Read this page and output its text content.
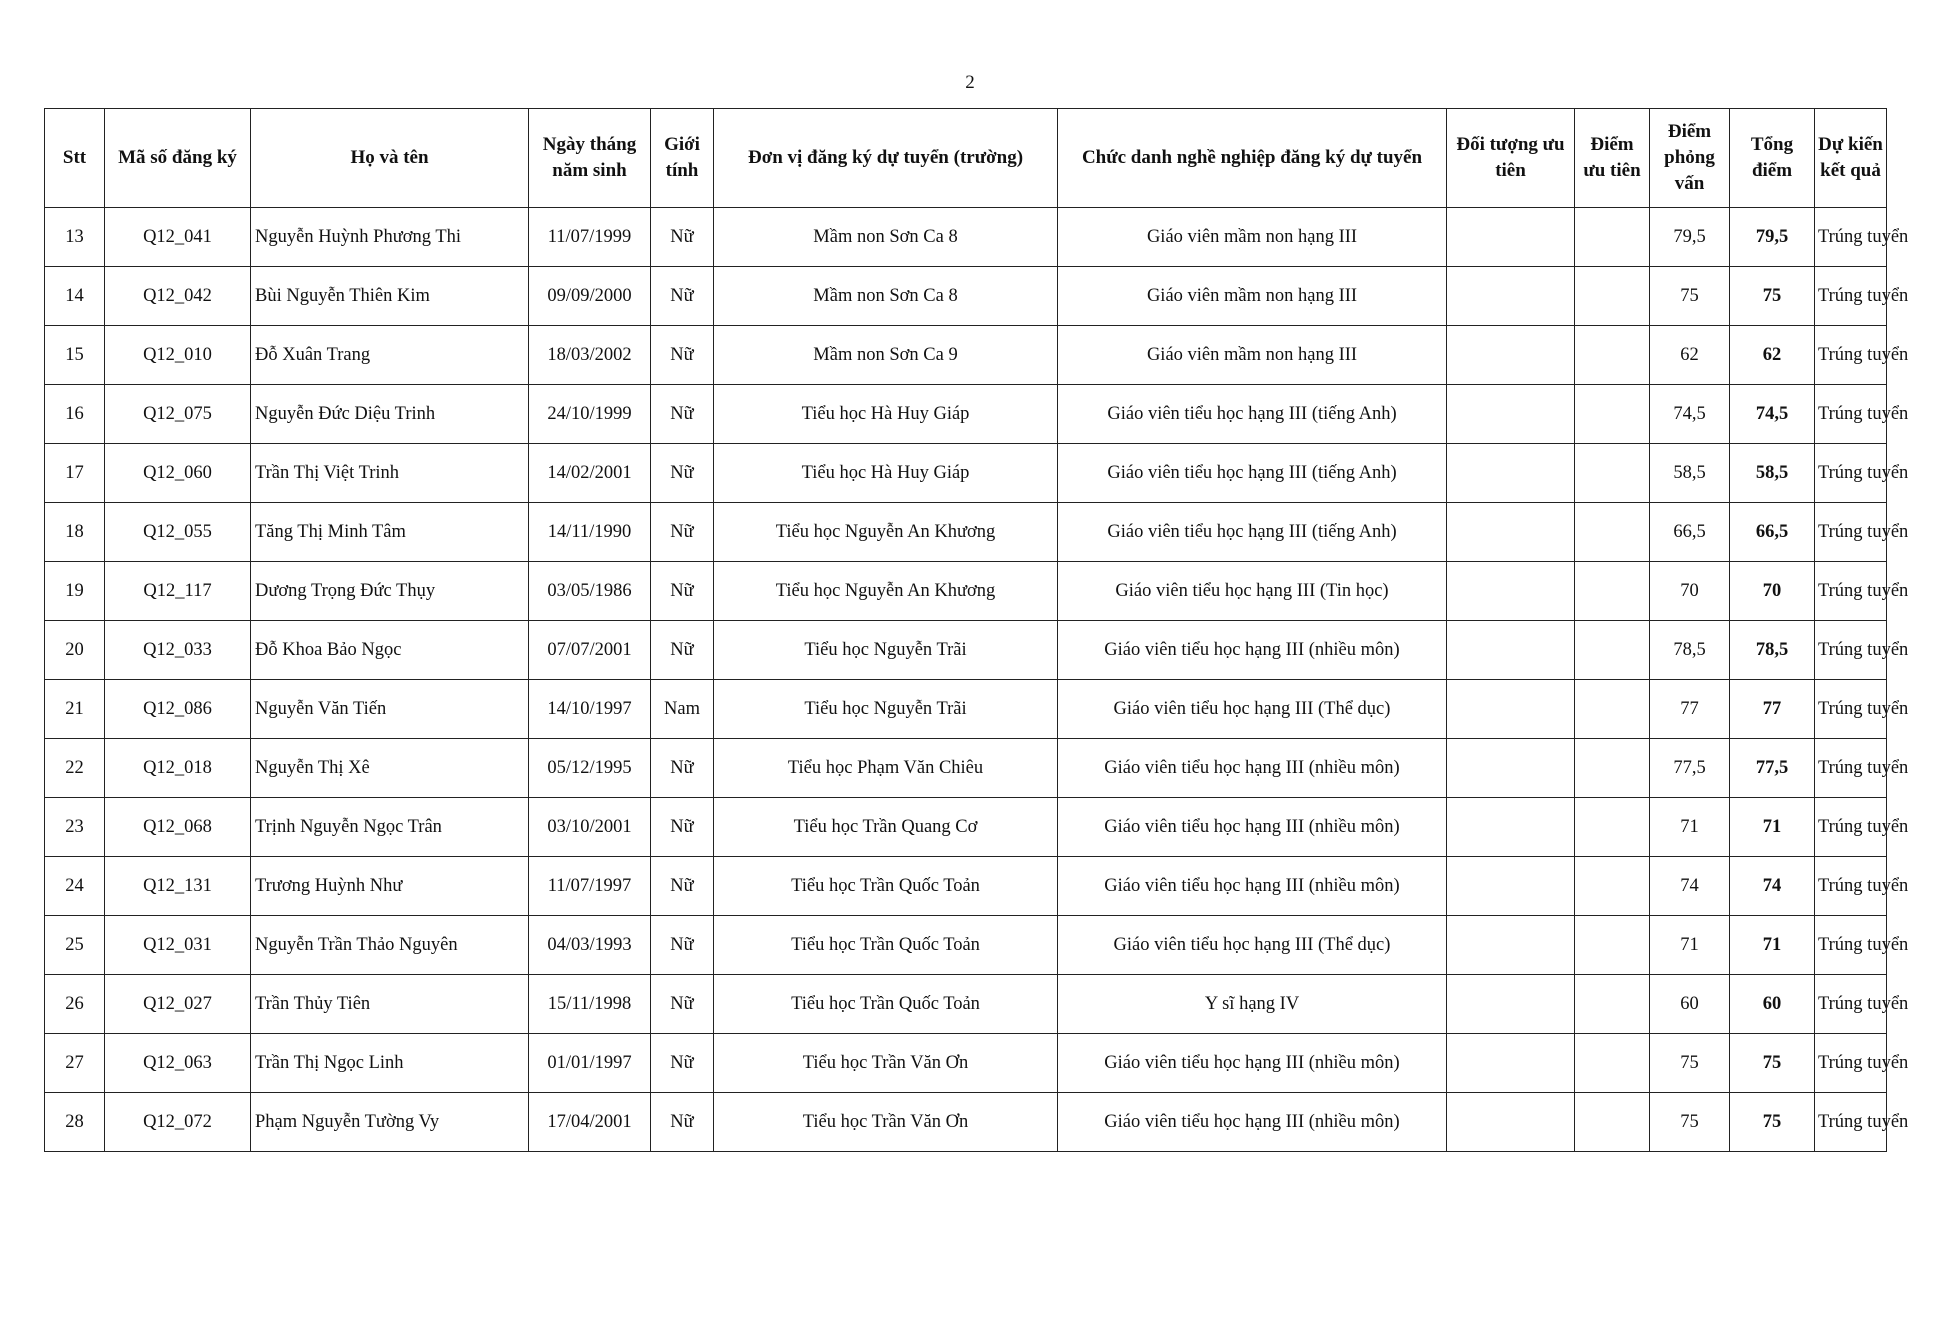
2
Stt	Mã số đăng ký	Họ và tên	Ngày tháng năm sinh	Giới tính	Đơn vị đăng ký dự tuyển (trường)	Chức danh nghề nghiệp đăng ký dự tuyển	Đối tượng ưu tiên	Điểm ưu tiên	Điểm phỏng vấn	Tổng điểm	Dự kiến kết quả
13	Q12_041	Nguyễn Huỳnh Phương Thi	11/07/1999	Nữ	Mầm non Sơn Ca 8	Giáo viên mầm non hạng III			79,5	79,5	Trúng tuyển
14	Q12_042	Bùi Nguyễn Thiên Kim	09/09/2000	Nữ	Mầm non Sơn Ca 8	Giáo viên mầm non hạng III			75	75	Trúng tuyển
15	Q12_010	Đỗ Xuân Trang	18/03/2002	Nữ	Mầm non Sơn Ca 9	Giáo viên mầm non hạng III			62	62	Trúng tuyển
16	Q12_075	Nguyễn Đức Diệu Trinh	24/10/1999	Nữ	Tiểu học Hà Huy Giáp	Giáo viên tiểu học hạng III (tiếng Anh)			74,5	74,5	Trúng tuyển
17	Q12_060	Trần Thị Việt Trinh	14/02/2001	Nữ	Tiểu học Hà Huy Giáp	Giáo viên tiểu học hạng III (tiếng Anh)			58,5	58,5	Trúng tuyển
18	Q12_055	Tăng Thị Minh Tâm	14/11/1990	Nữ	Tiểu học Nguyễn An Khương	Giáo viên tiểu học hạng III (tiếng Anh)			66,5	66,5	Trúng tuyển
19	Q12_117	Dương Trọng Đức Thụy	03/05/1986	Nữ	Tiểu học Nguyễn An Khương	Giáo viên tiểu học hạng III (Tin học)			70	70	Trúng tuyển
20	Q12_033	Đỗ Khoa Bảo Ngọc	07/07/2001	Nữ	Tiểu học Nguyễn Trãi	Giáo viên tiểu học hạng III (nhiều môn)			78,5	78,5	Trúng tuyển
21	Q12_086	Nguyễn Văn Tiến	14/10/1997	Nam	Tiểu học Nguyễn Trãi	Giáo viên tiểu học hạng III (Thể dục)			77	77	Trúng tuyển
22	Q12_018	Nguyễn Thị Xê	05/12/1995	Nữ	Tiểu học Phạm Văn Chiêu	Giáo viên tiểu học hạng III (nhiều môn)			77,5	77,5	Trúng tuyển
23	Q12_068	Trịnh Nguyễn Ngọc Trân	03/10/2001	Nữ	Tiểu học Trần Quang Cơ	Giáo viên tiểu học hạng III (nhiều môn)			71	71	Trúng tuyển
24	Q12_131	Trương Huỳnh Như	11/07/1997	Nữ	Tiểu học Trần Quốc Toản	Giáo viên tiểu học hạng III (nhiều môn)			74	74	Trúng tuyển
25	Q12_031	Nguyễn Trần Thảo Nguyên	04/03/1993	Nữ	Tiểu học Trần Quốc Toản	Giáo viên tiểu học hạng III (Thể dục)			71	71	Trúng tuyển
26	Q12_027	Trần Thủy Tiên	15/11/1998	Nữ	Tiểu học Trần Quốc Toản	Y sĩ hạng IV			60	60	Trúng tuyển
27	Q12_063	Trần Thị Ngọc Linh	01/01/1997	Nữ	Tiểu học Trần Văn Ơn	Giáo viên tiểu học hạng III (nhiều môn)			75	75	Trúng tuyển
28	Q12_072	Phạm Nguyễn Tường Vy	17/04/2001	Nữ	Tiểu học Trần Văn Ơn	Giáo viên tiểu học hạng III (nhiều môn)			75	75	Trúng tuyển
